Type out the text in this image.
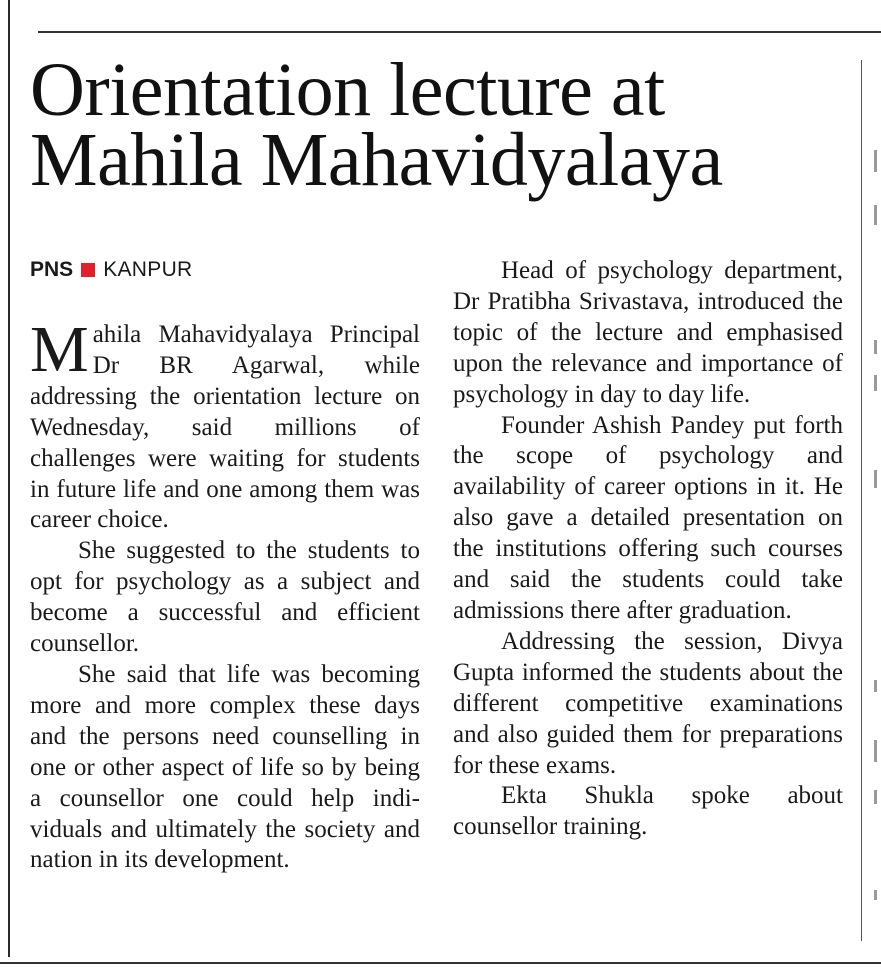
Orientation lecture at
Mahila Mahavidyalaya
PNS KANPUR

Mahila Mahavidyalaya Principal Dr BR Agarwal, while addressing the orientation lecture on Wednesday, said millions of challenges were waiting for students in future life and one among them was career choice.

She suggested to the students to opt for psychology as a subject and become a successful and efficient counsellor.

She said that life was becoming more and more complex these days and the persons need counselling in one or other aspect of life so by being a counsellor one could help individuals and ultimately the society and nation in its development.

Head of psychology department, Dr Pratibha Srivastava, introduced the topic of the lecture and emphasised upon the relevance and importance of psychology in day to day life.

Founder Ashish Pandey put forth the scope of psychology and availability of career options in it. He also gave a detailed presentation on the institutions offering such courses and said the students could take admissions there after graduation.

Addressing the session, Divya Gupta informed the students about the different competitive examinations and also guided them for preparations for these exams.

Ekta Shukla spoke about counsellor training.
